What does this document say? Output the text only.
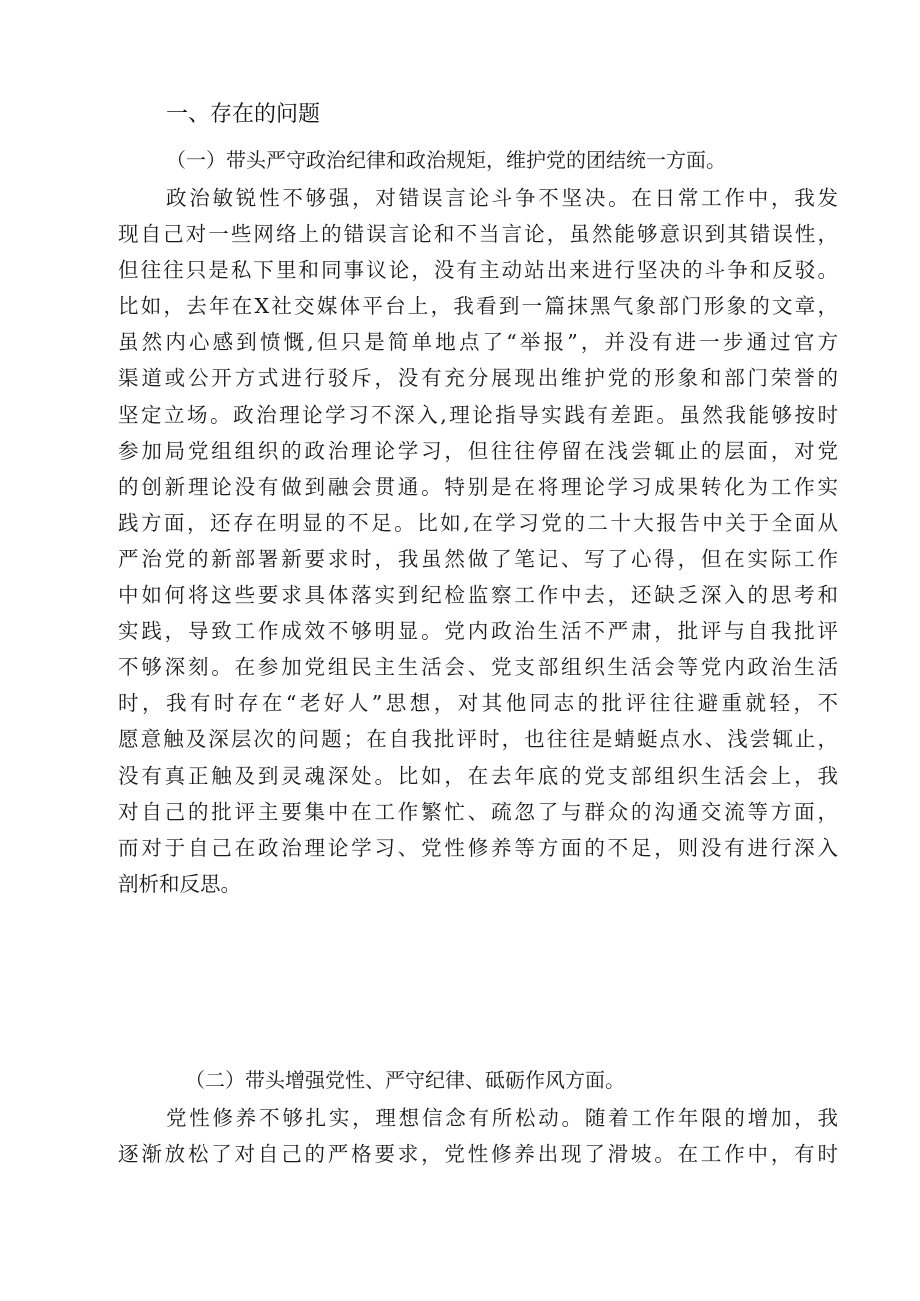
一、存在的问题
（一）带头严守政治纪律和政治规矩，维护党的团结统一方面。
政治敏锐性不够强，对错误言论斗争不坚决。在日常工作中，我发
现自己对一些网络上的错误言论和不当言论，虽然能够意识到其错误性，
但往往只是私下里和同事议论，没有主动站出来进行坚决的斗争和反驳。
比如，去年在X社交媒体平台上，我看到一篇抹黑气象部门形象的文章，
虽然内心感到愤慨,但只是简单地点了“举报”，并没有进一步通过官方
渠道或公开方式进行驳斥，没有充分展现出维护党的形象和部门荣誉的
坚定立场。政治理论学习不深入,理论指导实践有差距。虽然我能够按时
参加局党组组织的政治理论学习，但往往停留在浅尝辄止的层面，对党
的创新理论没有做到融会贯通。特别是在将理论学习成果转化为工作实
践方面，还存在明显的不足。比如,在学习党的二十大报告中关于全面从
严治党的新部署新要求时，我虽然做了笔记、写了心得，但在实际工作
中如何将这些要求具体落实到纪检监察工作中去，还缺乏深入的思考和
实践，导致工作成效不够明显。党内政治生活不严肃，批评与自我批评
不够深刻。在参加党组民主生活会、党支部组织生活会等党内政治生活
时，我有时存在“老好人”思想，对其他同志的批评往往避重就轻，不
愿意触及深层次的问题；在自我批评时，也往往是蜻蜓点水、浅尝辄止，
没有真正触及到灵魂深处。比如，在去年底的党支部组织生活会上，我
对自己的批评主要集中在工作繁忙、疏忽了与群众的沟通交流等方面，
而对于自己在政治理论学习、党性修养等方面的不足，则没有进行深入
剖析和反思。
（二）带头增强党性、严守纪律、砥砺作风方面。
党性修养不够扎实，理想信念有所松动。随着工作年限的增加，我
逐渐放松了对自己的严格要求，党性修养出现了滑坡。在工作中，有时
